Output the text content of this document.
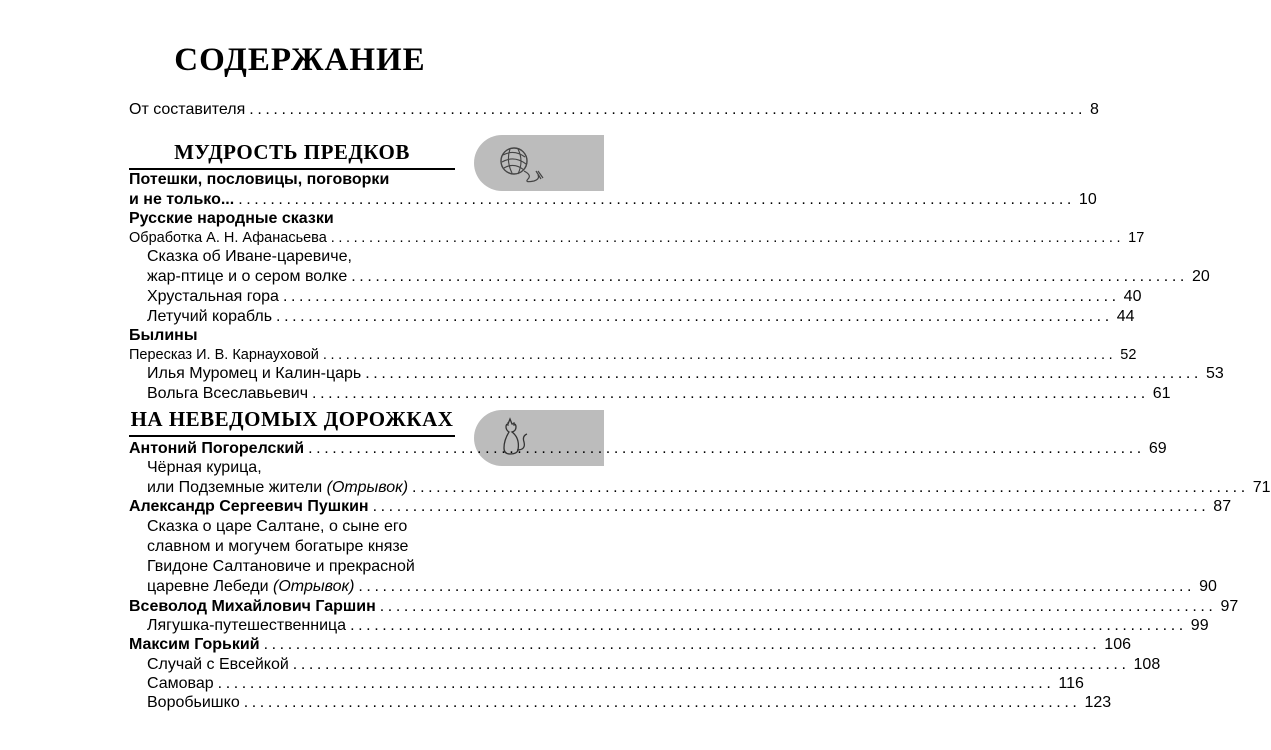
СОДЕРЖАНИЕ
От составителя ........................................................................................................ 8
МУДРОСТЬ ПРЕДКОВ
Потешки, пословицы, поговорки
и не только... ........................................................................................................ 10
Русские народные сказки
Обработка А. Н. Афанасьева ........................................................................................................ 17
Сказка об Иване-царевиче,
жар-птице и о сером волке ........................................................................................................ 20
Хрустальная гора ........................................................................................................ 40
Летучий корабль ........................................................................................................ 44
Былины
Пересказ И. В. Карнауховой ........................................................................................................ 52
Илья Муромец и Калин-царь ........................................................................................................ 53
Вольга Всеславьевич ........................................................................................................ 61
НА НЕВЕДОМЫХ ДОРОЖКАХ
Антоний Погорелский ........................................................................................................ 69
Чёрная курица,
или Подземные жители (Отрывок) ........................................................................................................ 71
Александр Сергеевич Пушкин ........................................................................................................ 87
Сказка о царе Салтане, о сыне его
славном и могучем богатыре князе
Гвидоне Салтановиче и прекрасной
царевне Лебеди (Отрывок) ........................................................................................................ 90
Всеволод Михайлович Гаршин ........................................................................................................ 97
Лягушка-путешественница ........................................................................................................ 99
Максим Горький ........................................................................................................ 106
Случай с Евсейкой ........................................................................................................ 108
Самовар ........................................................................................................ 116
Воробьишко ........................................................................................................ 123
